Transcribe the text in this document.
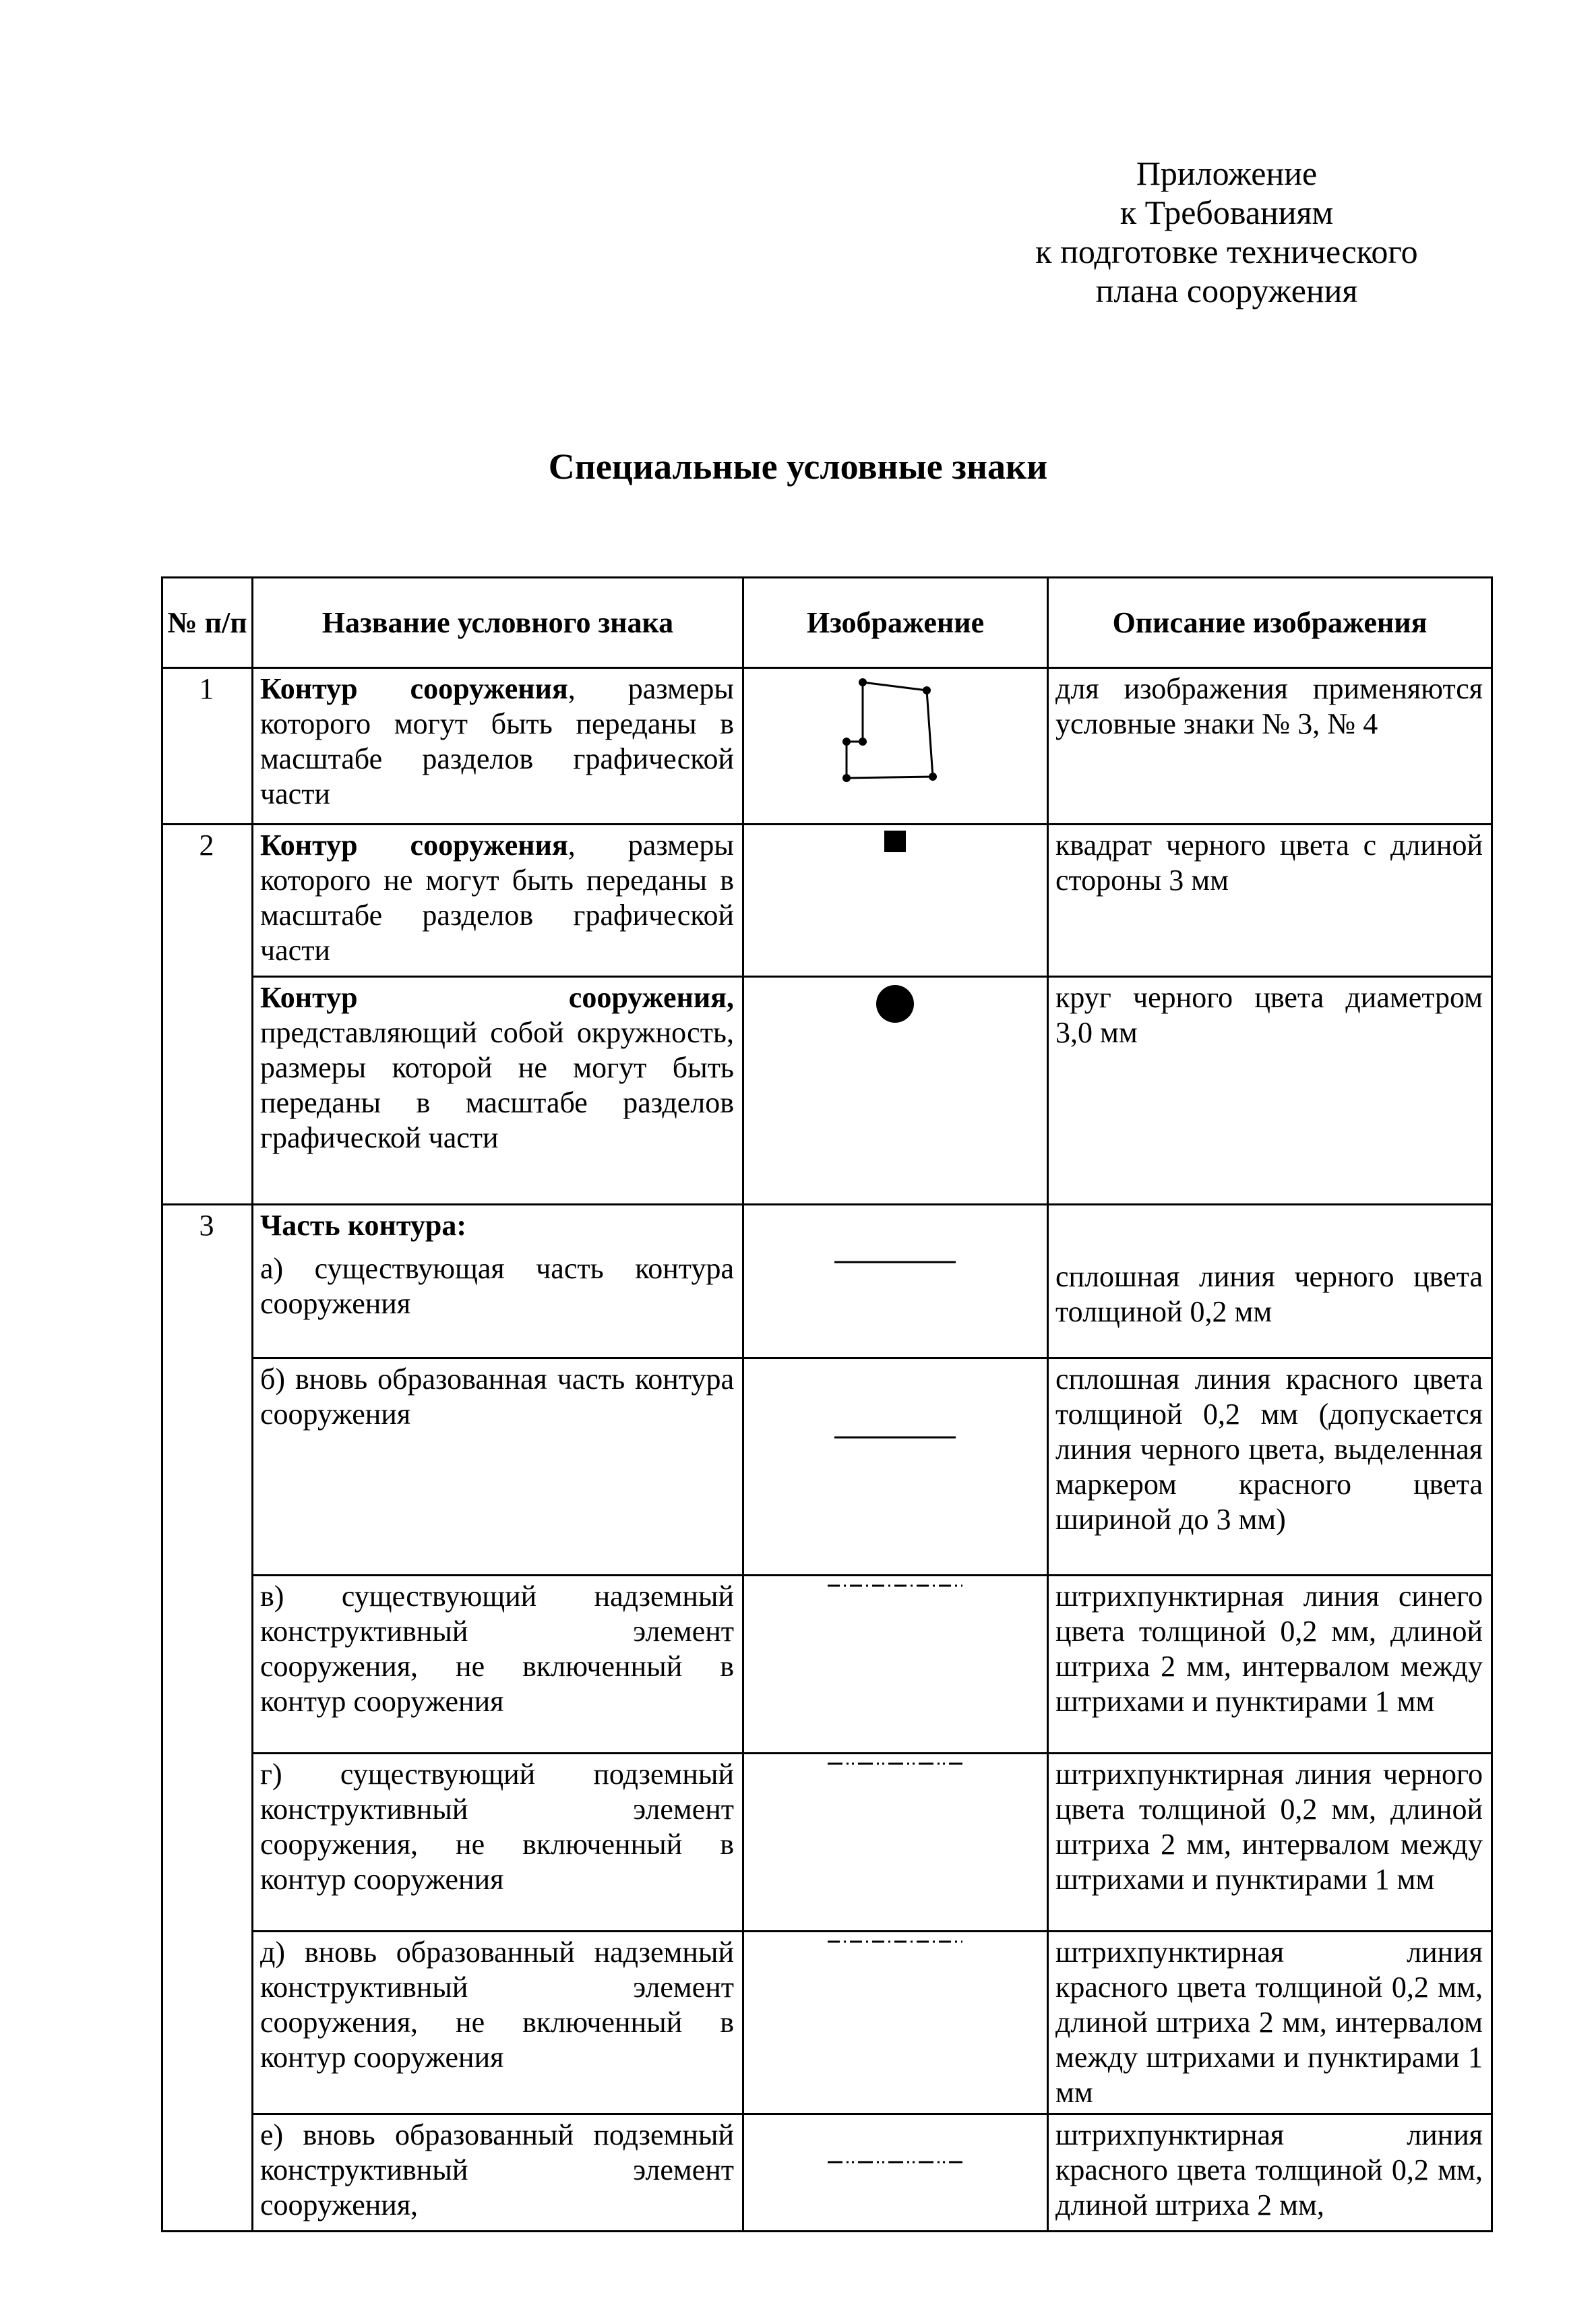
Приложение
к Требованиям
к подготовке технического
плана сооружения
Специальные условные знаки
№ п/п	Название условного знака	Изображение	Описание изображения
1	Контур сооружения, размеры которого могут быть переданы в масштабе разделов графической части		для изображения применяются условные знаки № 3, № 4
2	Контур сооружения, размеры которого не могут быть переданы в масштабе разделов графической части		квадрат черного цвета с длиной стороны 3 мм
	Контур сооружения, представляющий собой окружность, размеры которой не могут быть переданы в масштабе разделов графической части		круг черного цвета диаметром 3,0 мм
3	Часть контура:
а) существующая часть контура сооружения		сплошная линия черного цвета толщиной 0,2 мм
	б) вновь образованная часть контура сооружения		сплошная линия красного цвета толщиной 0,2 мм (допускается линия черного цвета, выделенная маркером красного цвета шириной до 3 мм)
	в) существующий надземный конструктивный элемент сооружения, не включенный в контур сооружения		штрихпунктирная линия синего цвета толщиной 0,2 мм, длиной штриха 2 мм, интервалом между штрихами и пунктирами 1 мм
	г) существующий подземный конструктивный элемент сооружения, не включенный в контур сооружения		штрихпунктирная линия черного цвета толщиной 0,2 мм, длиной штриха 2 мм, интервалом между штрихами и пунктирами 1 мм
	д) вновь образованный надземный конструктивный элемент сооружения, не включенный в контур сооружения		штрихпунктирная линия красного цвета толщиной 0,2 мм, длиной штриха 2 мм, интервалом между штрихами и пунктирами 1 мм
	е) вновь образованный подземный конструктивный элемент сооружения,		штрихпунктирная линия красного цвета толщиной 0,2 мм, длиной штриха 2 мм,
